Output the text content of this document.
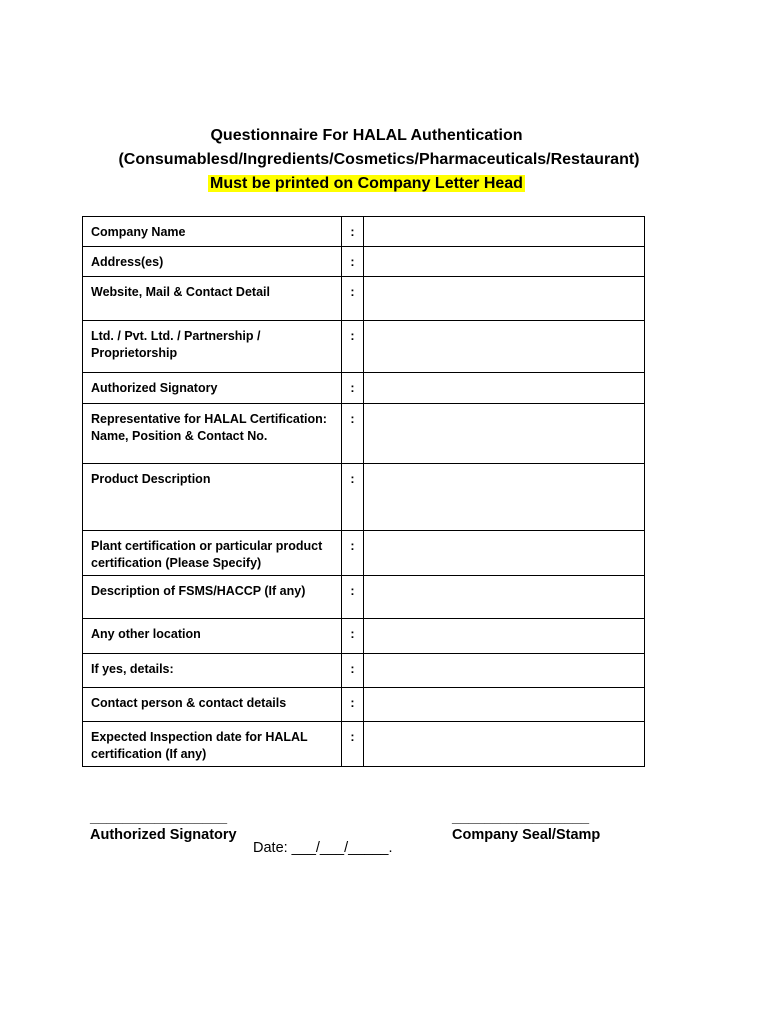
Questionnaire For HALAL Authentication
(Consumablesd/Ingredients/Cosmetics/Pharmaceuticals/Restaurant)
Must be printed on Company Letter Head
Company Name	:	
Address(es)	:	
Website, Mail & Contact Detail	:	
Ltd. / Pvt. Ltd. / Partnership / Proprietorship	:	
Authorized Signatory	:	
Representative for HALAL Certification: Name, Position & Contact No.	:	
Product Description	:	
Plant certification or particular product certification (Please Specify)	:	
Description of FSMS/HACCP (If any)	:	
Any other location	:	
If yes, details:	:	
Contact person & contact details	:	
Expected Inspection date for HALAL certification (If any)	:	
_________________
Authorized Signatory
_________________
Company Seal/Stamp
Date: ___/___/_____.
